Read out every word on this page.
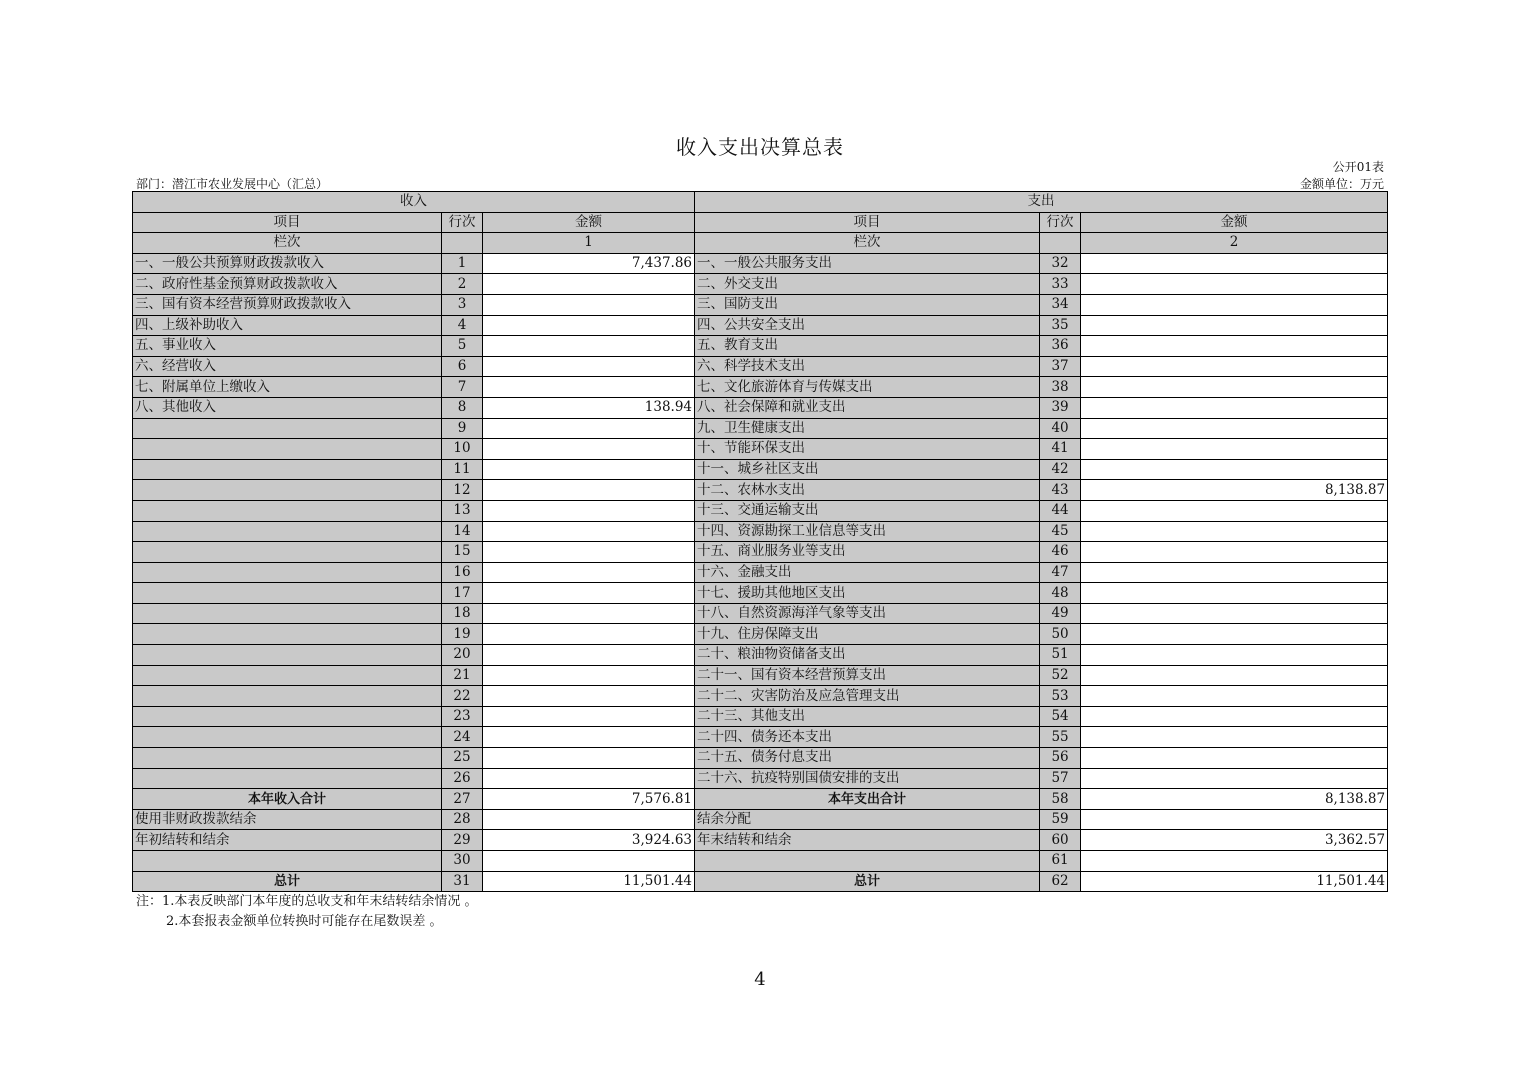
收入支出决算总表
公开01表
部门：潜江市农业发展中心（汇总）	金额单位：万元
收入			支出		
项目	行次	金额	项目	行次	金额
栏次		1	栏次		2
一、一般公共预算财政拨款收入	1	7,437.86	一、一般公共服务支出	32	
二、政府性基金预算财政拨款收入	2		二、外交支出	33	
三、国有资本经营预算财政拨款收入	3		三、国防支出	34	
四、上级补助收入	4		四、公共安全支出	35	
五、事业收入	5		五、教育支出	36	
六、经营收入	6		六、科学技术支出	37	
七、附属单位上缴收入	7		七、文化旅游体育与传媒支出	38	
八、其他收入	8	138.94	八、社会保障和就业支出	39	
	9		九、卫生健康支出	40	
	10		十、节能环保支出	41	
	11		十一、城乡社区支出	42	
	12		十二、农林水支出	43	8,138.87
	13		十三、交通运输支出	44	
	14		十四、资源勘探工业信息等支出	45	
	15		十五、商业服务业等支出	46	
	16		十六、金融支出	47	
	17		十七、援助其他地区支出	48	
	18		十八、自然资源海洋气象等支出	49	
	19		十九、住房保障支出	50	
	20		二十、粮油物资储备支出	51	
	21		二十一、国有资本经营预算支出	52	
	22		二十二、灾害防治及应急管理支出	53	
	23		二十三、其他支出	54	
	24		二十四、债务还本支出	55	
	25		二十五、债务付息支出	56	
	26		二十六、抗疫特别国债安排的支出	57	
本年收入合计	27	7,576.81	本年支出合计	58	8,138.87
使用非财政拨款结余	28		结余分配	59	
年初结转和结余	29	3,924.63	年末结转和结余	60	3,362.57
	30			61	
总计	31	11,501.44	总计	62	11,501.44
注：1.本表反映部门本年度的总收支和年末结转结余情况 。
2.本套报表金额单位转换时可能存在尾数误差 。
4
